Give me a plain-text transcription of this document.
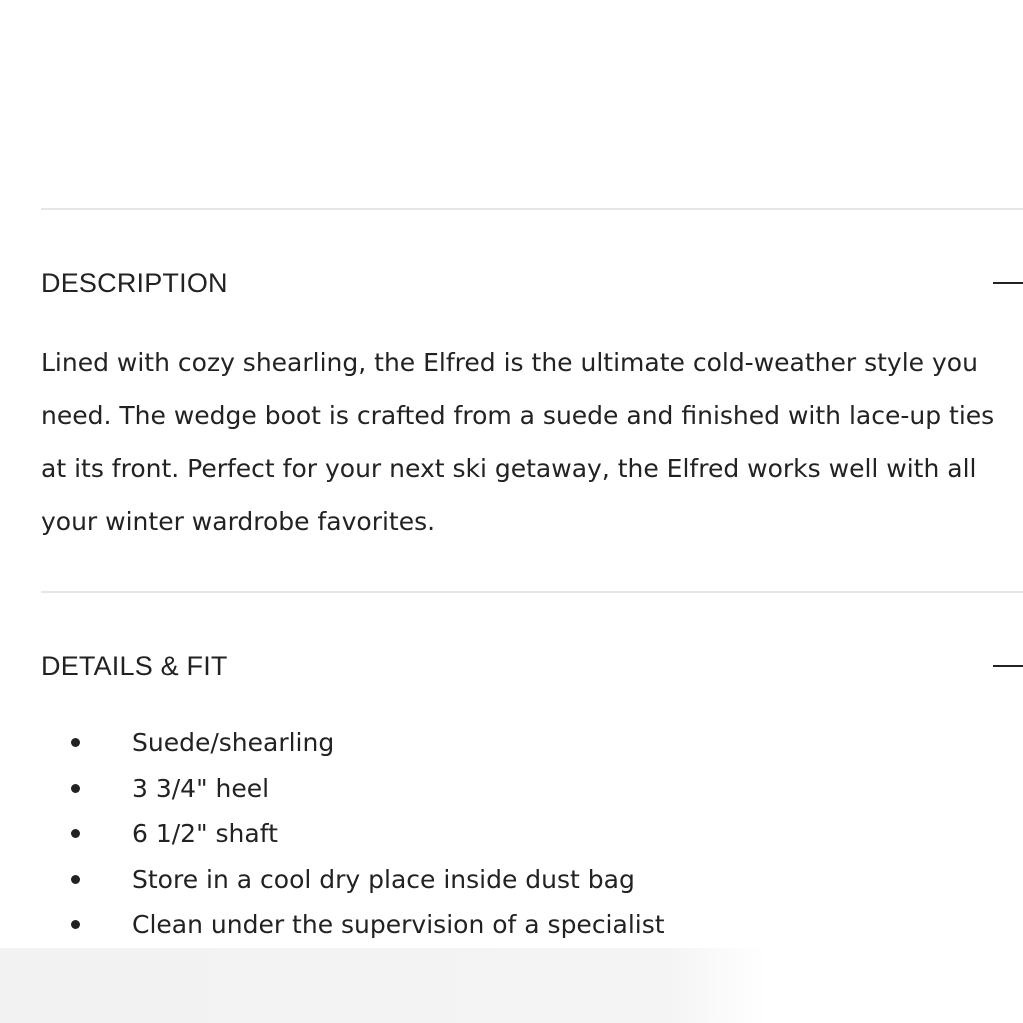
DESCRIPTION

Lined with cozy shearling, the Elfred is the ultimate cold-weather style you need. The wedge boot is crafted from a suede and finished with lace-up ties at its front. Perfect for your next ski getaway, the Elfred works well with all your winter wardrobe favorites.

DETAILS & FIT
Suede/shearling
3 3/4" heel
6 1/2" shaft
Store in a cool dry place inside dust bag
Clean under the supervision of a specialist
